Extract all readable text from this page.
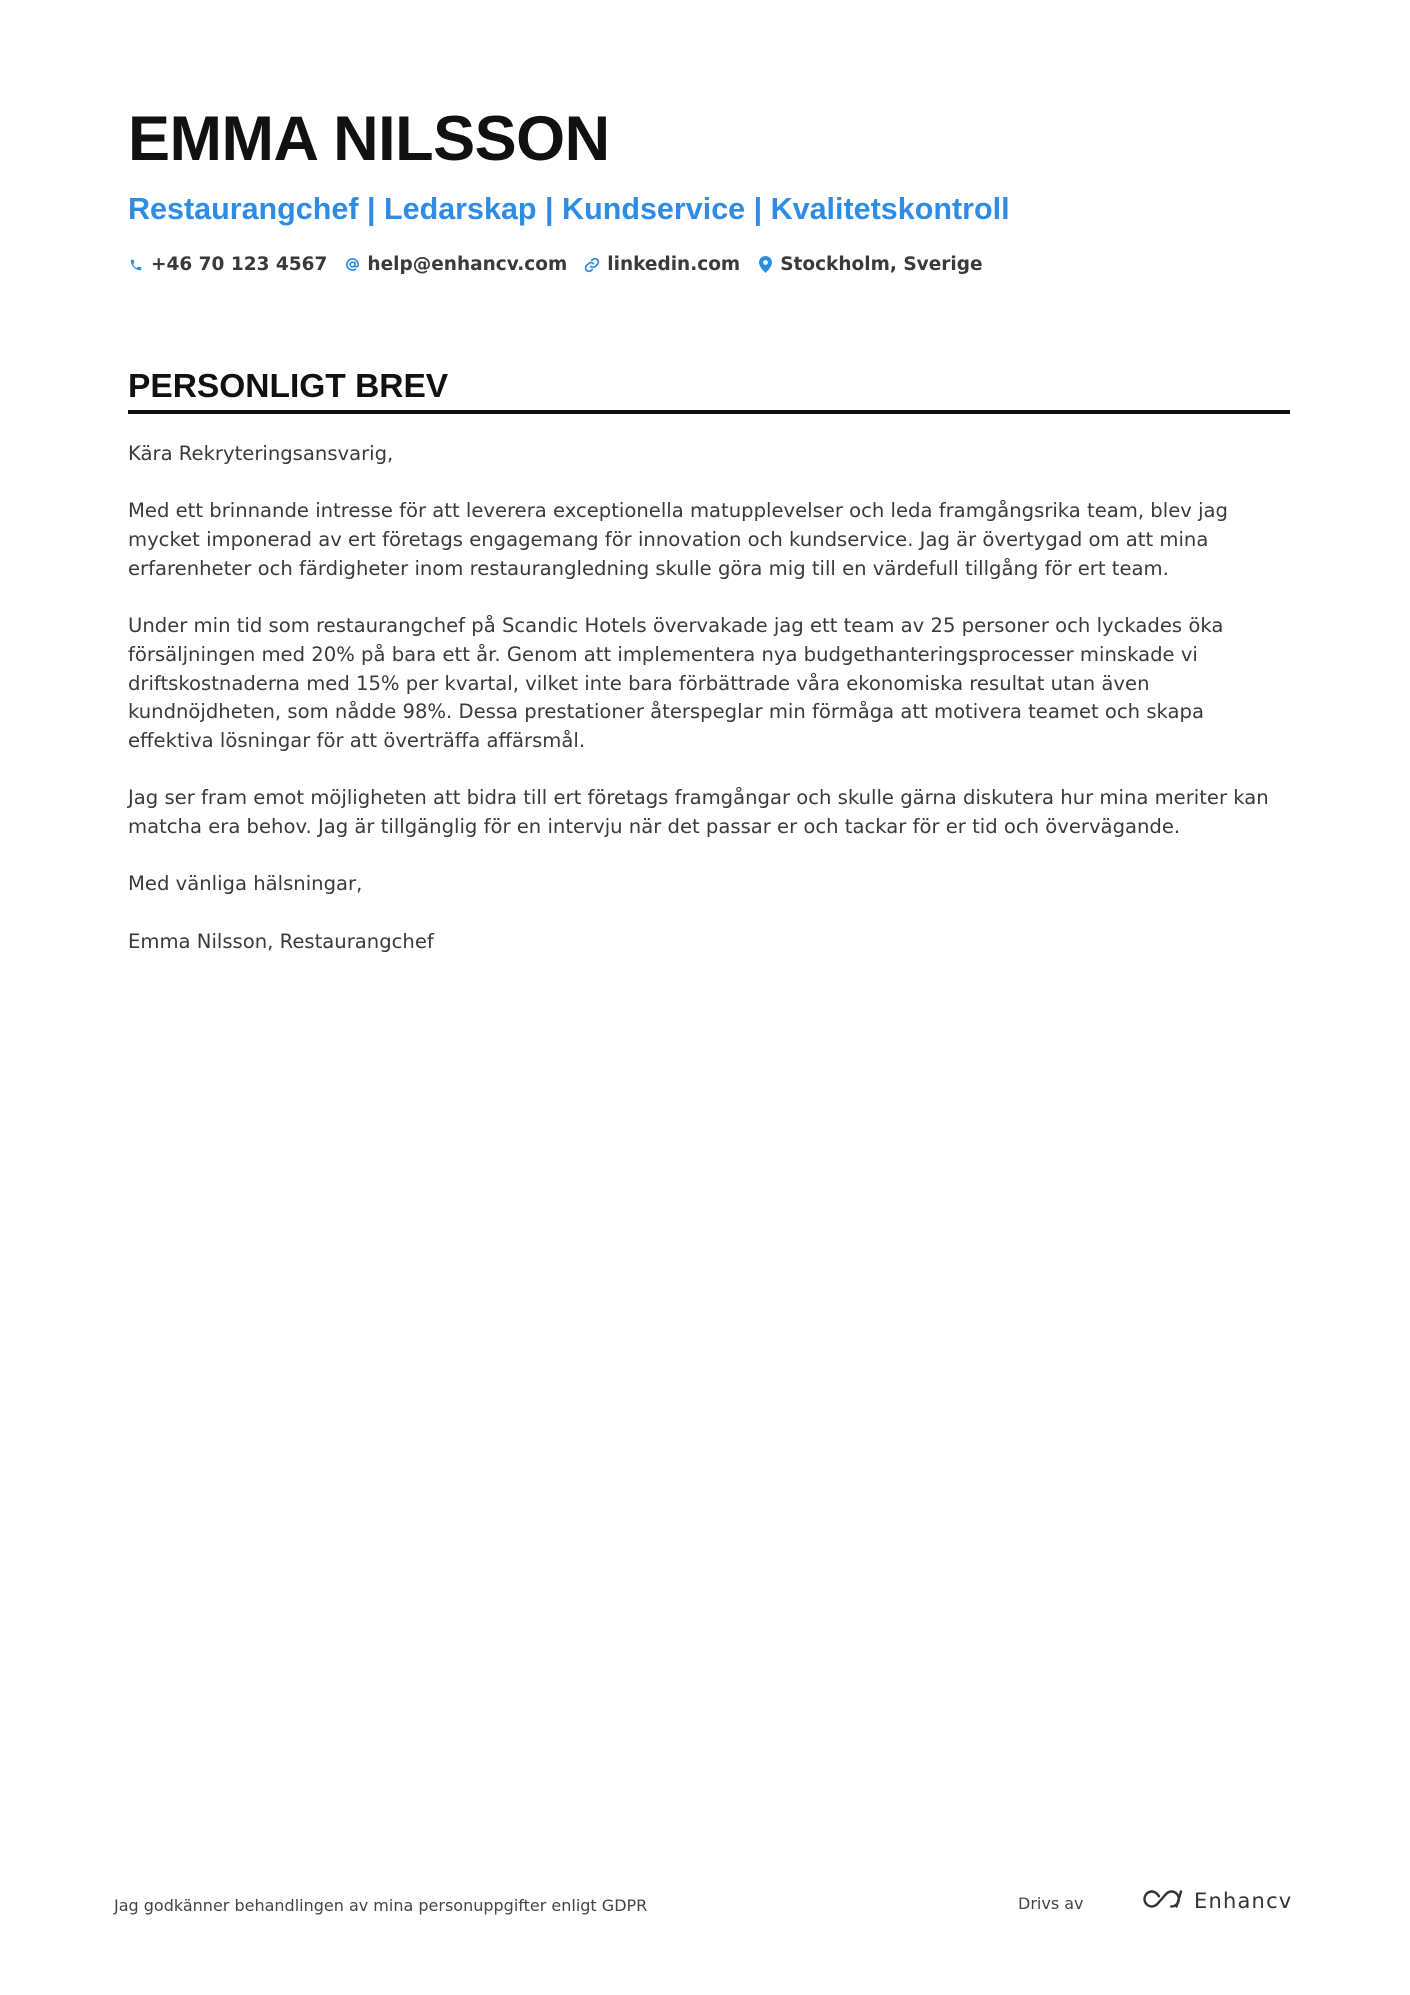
EMMA NILSSON
Restaurangchef | Ledarskap | Kundservice | Kvalitetskontroll
+46 70 123 4567 help@enhancv.com linkedin.com Stockholm, Sverige
PERSONLIGT BREV

Kära Rekryteringsansvarig,

Med ett brinnande intresse för att leverera exceptionella matupplevelser och leda framgångsrika team, blev jag mycket imponerad av ert företags engagemang för innovation och kundservice. Jag är övertygad om att mina erfarenheter och färdigheter inom restaurangledning skulle göra mig till en värdefull tillgång för ert team.

Under min tid som restaurangchef på Scandic Hotels övervakade jag ett team av 25 personer och lyckades öka försäljningen med 20% på bara ett år. Genom att implementera nya budgethanteringsprocesser minskade vi driftskostnaderna med 15% per kvartal, vilket inte bara förbättrade våra ekonomiska resultat utan även kundnöjdheten, som nådde 98%. Dessa prestationer återspeglar min förmåga att motivera teamet och skapa effektiva lösningar för att överträffa affärsmål.

Jag ser fram emot möjligheten att bidra till ert företags framgångar och skulle gärna diskutera hur mina meriter kan matcha era behov. Jag är tillgänglig för en intervju när det passar er och tackar för er tid och övervägande.

Med vänliga hälsningar,

Emma Nilsson, Restaurangchef

Jag godkänner behandlingen av mina personuppgifter enligt GDPR	Drivs av	Enhancv
